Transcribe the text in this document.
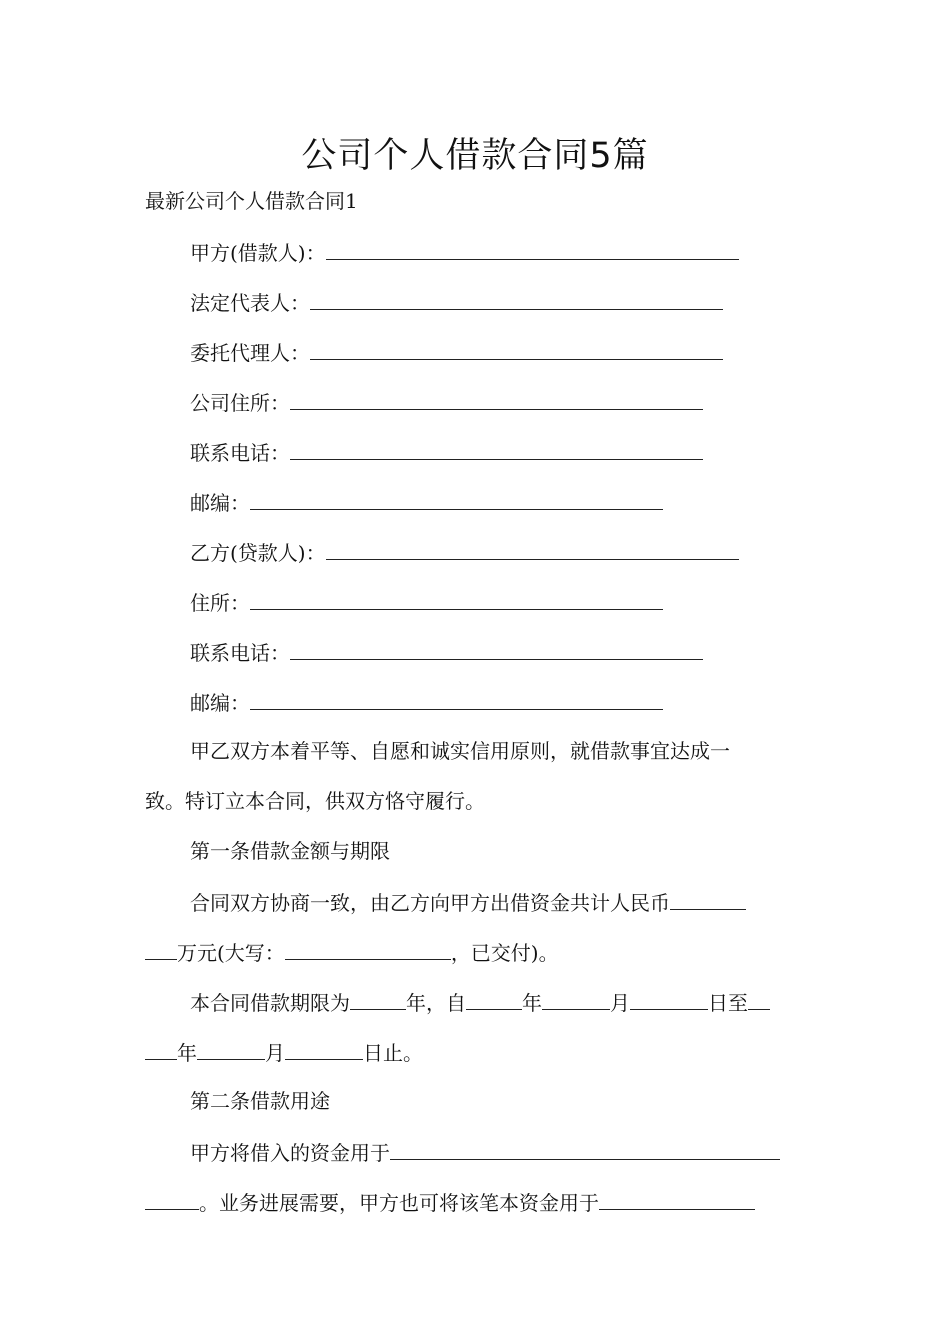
公司个人借款合同5篇
最新公司个人借款合同1
甲方(借款人)：
法定代表人：
委托代理人：
公司住所：
联系电话：
邮编：
乙方(贷款人)：
住所：
联系电话：
邮编：
甲乙双方本着平等、自愿和诚实信用原则，就借款事宜达成一
致。特订立本合同，供双方恪守履行。
第一条借款金额与期限
合同双方协商一致，由乙方向甲方出借资金共计人民币
万元(大写：	，已交付)。
本合同借款期限为	年，自	年	月	日至
年	月	日止。
第二条借款用途
甲方将借入的资金用于
。业务进展需要，甲方也可将该笔本资金用于
